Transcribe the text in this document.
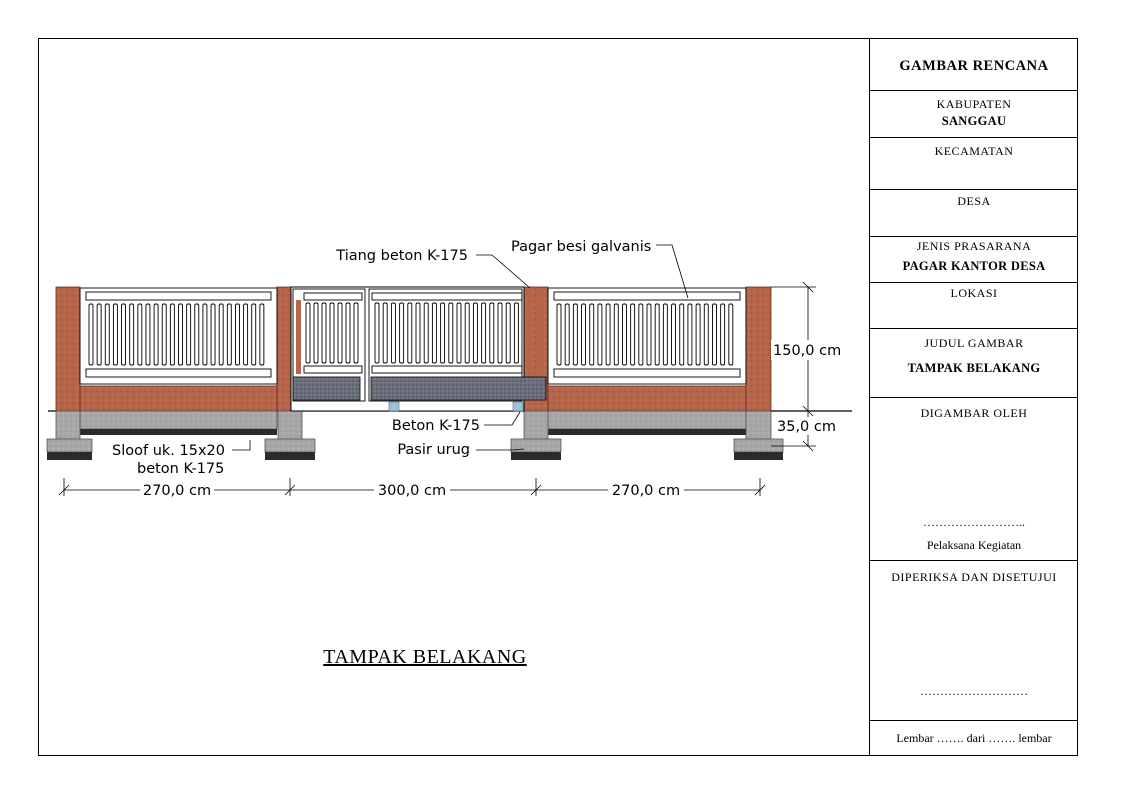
Tiang beton K-175
Pagar besi galvanis
Beton K-175
Pasir urug
Sloof uk. 15x20
beton K-175
150,0 cm
35,0 cm
270,0 cm	300,0 cm	270,0 cm
TAMPAK BELAKANG
GAMBAR RENCANA
KABUPATEN
SANGGAU
KECAMATAN
DESA
JENIS PRASARANA
PAGAR KANTOR DESA
LOKASI
JUDUL GAMBAR
TAMPAK BELAKANG
DIGAMBAR OLEH
……………………..
Pelaksana Kegiatan
DIPERIKSA DAN DISETUJUI
………………………
Lembar ……. dari ……. lembar
